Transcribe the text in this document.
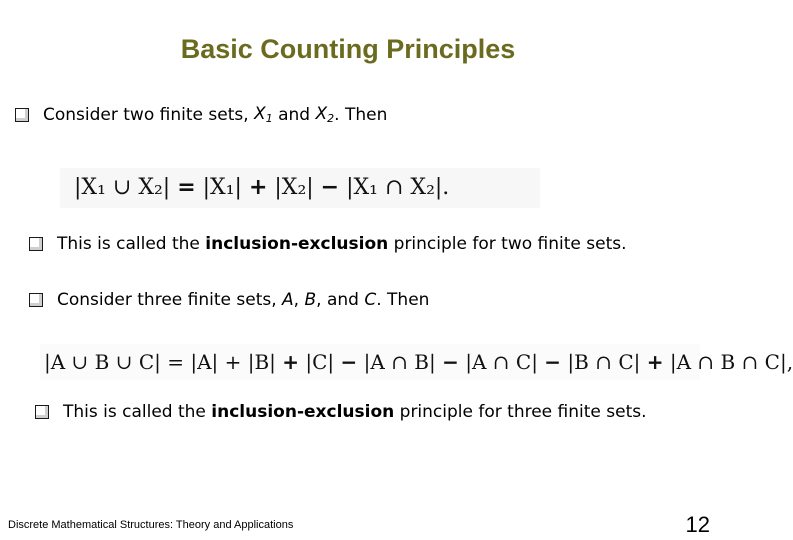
Basic Counting Principles
Consider two finite sets, $X_1$ and $X_2$ . Then
|X₁ ∪ X₂| = |X₁| + |X₂| − |X₁ ∩ X₂|.
This is called the inclusion-exclusion principle for two finite sets.
Consider three finite sets, A , B , and C . Then
|A ∪ B ∪ C| = |A| + |B| + |C| − |A ∩ B| − |A ∩ C| − |B ∩ C| + |A ∩ B ∩ C|,
This is called the inclusion-exclusion principle for three finite sets.
Discrete Mathematical Structures: Theory and Applications	12
